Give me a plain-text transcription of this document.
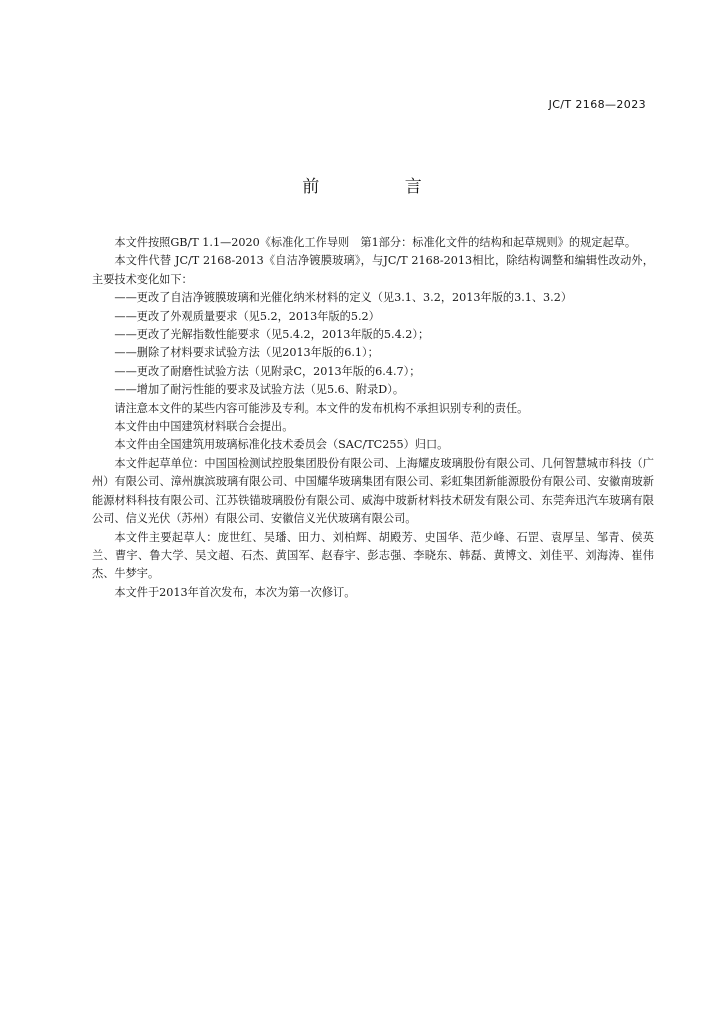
JC/T 2168—2023
前 言

本文件按照GB/T 1.1—2020《标准化工作导则　第1部分：标准化文件的结构和起草规则》的规定起草。

本文件代替 JC/T 2168-2013《自洁净镀膜玻璃》，与JC/T 2168-2013相比，除结构调整和编辑性改动外，主要技术变化如下：

——更改了自洁净镀膜玻璃和光催化纳米材料的定义（见3.1、3.2，2013年版的3.1、3.2）

——更改了外观质量要求（见5.2，2013年版的5.2）

——更改了光解指数性能要求（见5.4.2，2013年版的5.4.2）；

——删除了材料要求试验方法（见2013年版的6.1）；

——更改了耐磨性试验方法（见附录C，2013年版的6.4.7）；

——增加了耐污性能的要求及试验方法（见5.6、附录D）。

请注意本文件的某些内容可能涉及专利。本文件的发布机构不承担识别专利的责任。

本文件由中国建筑材料联合会提出。

本文件由全国建筑用玻璃标准化技术委员会（SAC/TC255）归口。

本文件起草单位：中国国检测试控股集团股份有限公司、上海耀皮玻璃股份有限公司、几何智慧城市科技（广州）有限公司、漳州旗滨玻璃有限公司、中国耀华玻璃集团有限公司、彩虹集团新能源股份有限公司、安徽南玻新能源材料科技有限公司、江苏铁锚玻璃股份有限公司、威海中玻新材料技术研发有限公司、东莞奔迅汽车玻璃有限公司、信义光伏（苏州）有限公司、安徽信义光伏玻璃有限公司。

本文件主要起草人：庞世红、吴璠、田力、刘柏辉、胡殿芳、史国华、范少峰、石罡、袁厚呈、邹青、侯英兰、曹宇、鲁大学、吴文超、石杰、黄国军、赵春宇、彭志强、李晓东、韩磊、黄博文、刘佳平、刘海涛、崔伟杰、牛梦宇。

本文件于2013年首次发布，本次为第一次修订。
